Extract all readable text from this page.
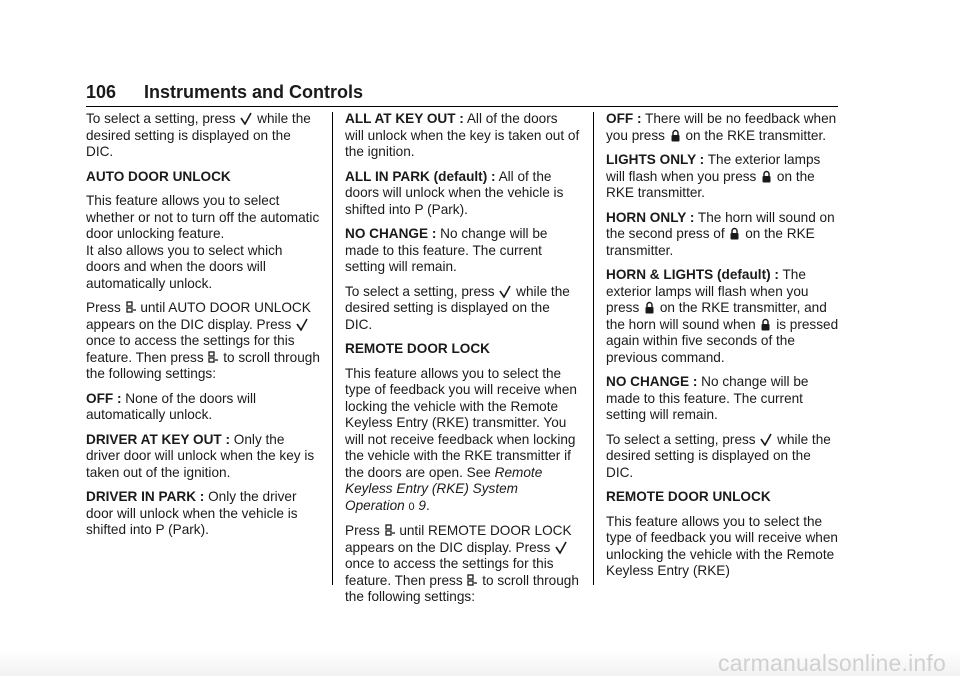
106 Instruments and Controls

To select a setting, press while the desired setting is displayed on the DIC.

AUTO DOOR UNLOCK

This feature allows you to select whether or not to turn off the automatic door unlocking feature.

It also allows you to select which doors and when the doors will automatically unlock.

Press until AUTO DOOR UNLOCK appears on the DIC display. Press
once to access the settings for this feature. Then press to scroll through the following settings:

OFF : None of the doors will automatically unlock.

DRIVER AT KEY OUT : Only the driver door will unlock when the key is taken out of the ignition.

DRIVER IN PARK : Only the driver door will unlock when the vehicle is shifted into P (Park).

ALL AT KEY OUT : All of the doors will unlock when the key is taken out of the ignition.

ALL IN PARK (default) : All of the doors will unlock when the vehicle is shifted into P (Park).

NO CHANGE : No change will be made to this feature. The current setting will remain.

To select a setting, press while the desired setting is displayed on the DIC.

REMOTE DOOR LOCK

This feature allows you to select the type of feedback you will receive when locking the vehicle with the Remote Keyless Entry (RKE) transmitter. You will not receive feedback when locking the vehicle with the RKE transmitter if the doors are open. See Remote Keyless Entry (RKE) System Operation 0 9.

Press until REMOTE DOOR LOCK appears on the DIC display. Press
once to access the settings for this feature. Then press to scroll through the following settings:

OFF : There will be no feedback when you press on the RKE transmitter.

LIGHTS ONLY : The exterior lamps will flash when you press on the RKE transmitter.

HORN ONLY : The horn will sound on the second press of on the RKE transmitter.

HORN & LIGHTS (default) : The exterior lamps will flash when you press on the RKE transmitter, and the horn will sound when is pressed again within five seconds of the previous command.

NO CHANGE : No change will be made to this feature. The current setting will remain.

To select a setting, press while the desired setting is displayed on the DIC.

REMOTE DOOR UNLOCK

This feature allows you to select the type of feedback you will receive when unlocking the vehicle with the Remote Keyless Entry (RKE)

carmanualsonline.info
